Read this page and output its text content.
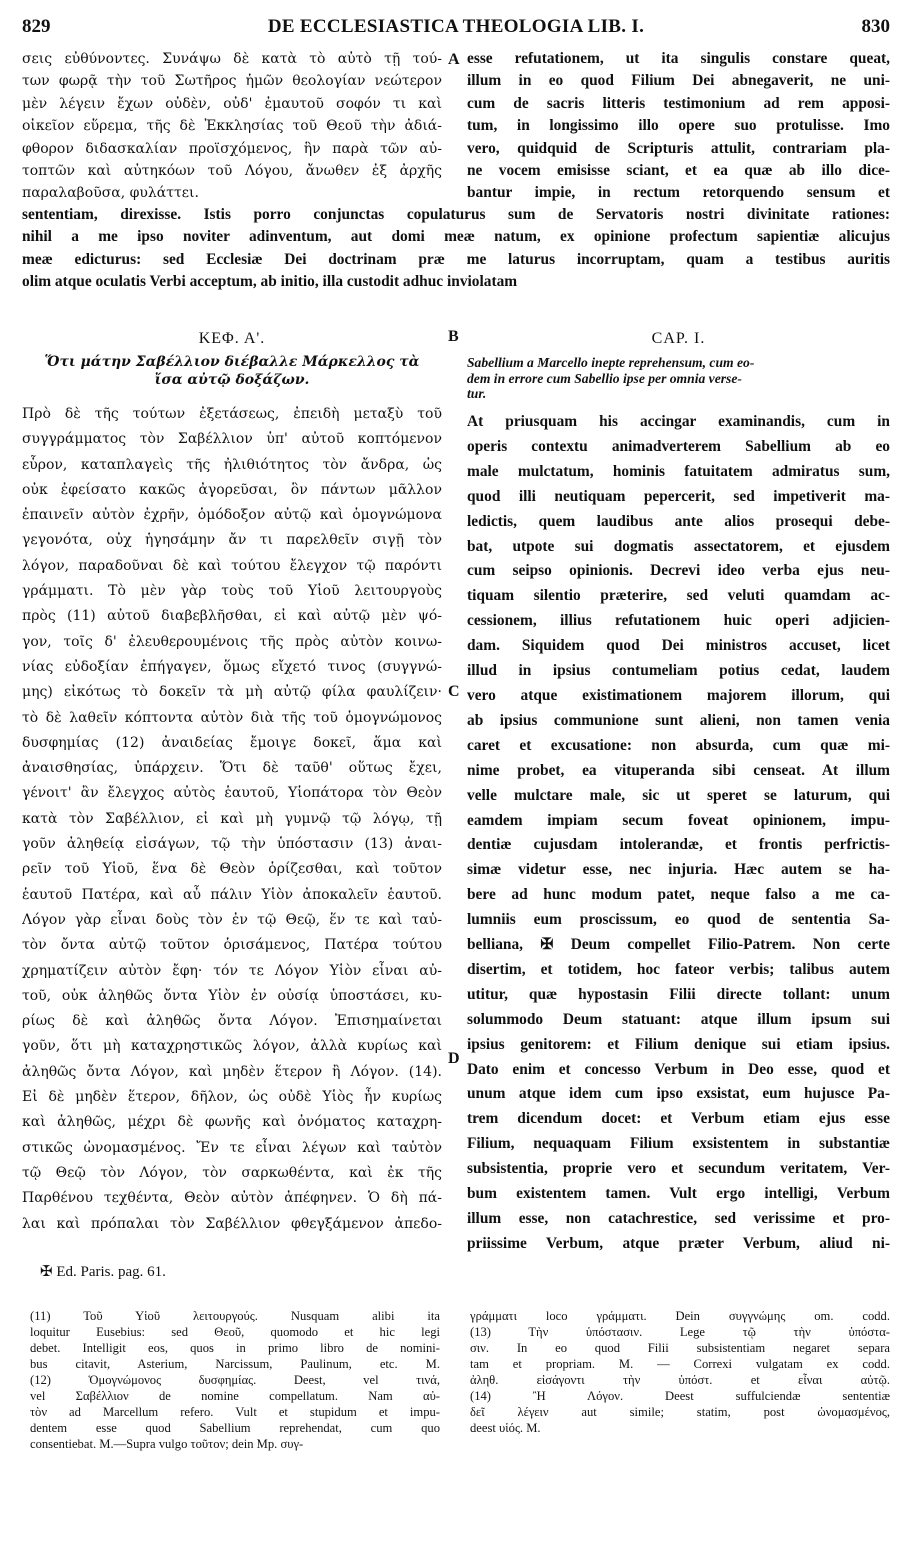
829	DE ECCLESIASTICA THEOLOGIA LIB. I.	830
σεις εὐθύνοντες. Συνάψω δὲ κατὰ τὸ αὐτὸ τῇ τού-
των φωρᾷ τὴν τοῦ Σωτῆρος ἡμῶν θεολογίαν νεώτερον
μὲν λέγειν ἔχων οὐδὲν, οὐδ' ἐμαυτοῦ σοφόν τι καὶ
οἰκεῖον εὕρεμα, τῆς δὲ Ἐκκλησίας τοῦ Θεοῦ τὴν ἀδιά-
φθορον διδασκαλίαν προϊσχόμενος, ἣν παρὰ τῶν αὐ-
τοπτῶν καὶ αὐτηκόων τοῦ Λόγου, ἄνωθεν ἐξ ἀρχῆς
παραλαβοῦσα, φυλάττει.
A esse refutationem, ut ita singulis constare queat,
illum in eo quod Filium Dei abnegaverit, ne uni-
cum de sacris litteris testimonium ad rem apposi-
tum, in longissimo illo opere suo protulisse. Imo
vero, quidquid de Scripturis attulit, contrariam pla-
ne vocem emisisse sciant, et ea quæ ab illo dice-
bantur impie, in rectum retorquendo sensum et
sententiam, direxisse. Istis porro conjunctas copulaturus sum de Servatoris nostri divinitate rationes:
nihil a me ipso noviter adinventum, aut domi meæ natum, ex opinione profectum sapientiæ alicujus
meæ edicturus: sed Ecclesiæ Dei doctrinam præ me laturus incorruptam, quam a testibus auritis
olim atque oculatis Verbi acceptum, ab initio, illa custodit adhuc inviolatam
ΚΕΦ. Α'.	B	CAP. I.
Ὅτι μάτην Σαβέλλιον διέβαλλε Μάρκελλος τὰ
ἴσα αὐτῷ δοξάζων.
Sabellium a Marcello inepte reprehensum, cum eo-
dem in errore cum Sabellio ipse per omnia verse-
tur.
Πρὸ δὲ τῆς τούτων ἐξετάσεως, ἐπειδὴ μεταξὺ τοῦ
συγγράμματος τὸν Σαβέλλιον ὑπ' αὐτοῦ κοπτόμενον
εὗρον, καταπλαγεὶς τῆς ἠλιθιότητος τὸν ἄνδρα, ὡς
οὐκ ἐφείσατο κακῶς ἀγορεῦσαι, ὃν πάντων μᾶλλον
ἐπαινεῖν αὐτὸν ἐχρῆν, ὁμόδοξον αὐτῷ καὶ ὁμογνώμονα
γεγονότα, οὐχ ἡγησάμην ἄν τι παρελθεῖν σιγῇ τὸν
λόγον, παραδοῦναι δὲ καὶ τούτου ἔλεγχον τῷ παρόντι
γράμματι. Τὸ μὲν γὰρ τοὺς τοῦ Υἱοῦ λειτουργοὺς
πρὸς (11) αὐτοῦ διαβεβλῆσθαι, εἰ καὶ αὐτῷ μὲν ψό-
γον, τοῖς δ' ἐλευθερουμένοις τῆς πρὸς αὐτὸν κοινω-
νίας εὐδοξίαν ἐπήγαγεν, ὅμως εἴχετό τινος (συγγνώ-
μης) εἰκότως τὸ δοκεῖν τὰ μὴ αὐτῷ φίλα φαυλίζειν·
τὸ δὲ λαθεῖν κόπτοντα αὐτὸν διὰ τῆς τοῦ ὁμογνώμονος
δυσφημίας (12) ἀναιδείας ἔμοιγε δοκεῖ, ἅμα καὶ
ἀναισθησίας, ὑπάρχειν. Ὅτι δὲ ταῦθ' οὕτως ἔχει,
γένοιτ' ἂν ἔλεγχος αὐτὸς ἑαυτοῦ, Υἱοπάτορα τὸν Θεὸν
κατὰ τὸν Σαβέλλιον, εἰ καὶ μὴ γυμνῷ τῷ λόγῳ, τῇ
γοῦν ἀληθείᾳ εἰσάγων, τῷ τὴν ὑπόστασιν (13) ἀναι-
ρεῖν τοῦ Υἱοῦ, ἕνα δὲ Θεὸν ὁρίζεσθαι, καὶ τοῦτον
ἑαυτοῦ Πατέρα, καὶ αὖ πάλιν Υἱὸν ἀποκαλεῖν ἑαυτοῦ.
Λόγον γὰρ εἶναι δοὺς τὸν ἐν τῷ Θεῷ, ἕν τε καὶ ταὐ-
τὸν ὄντα αὐτῷ τοῦτον ὁρισάμενος, Πατέρα τούτου
χρηματίζειν αὐτὸν ἔφη· τόν τε Λόγον Υἱὸν εἶναι αὐ-
τοῦ, οὐκ ἀληθῶς ὄντα Υἱὸν ἐν οὐσίᾳ ὑποστάσει, κυ-
ρίως δὲ καὶ ἀληθῶς ὄντα Λόγον. Ἐπισημαίνεται
γοῦν, ὅτι μὴ καταχρηστικῶς λόγον, ἀλλὰ κυρίως καὶ
ἀληθῶς ὄντα Λόγον, καὶ μηδὲν ἕτερον ἢ Λόγον. (14).
Εἰ δὲ μηδὲν ἕτερον, δῆλον, ὡς οὐδὲ Υἱὸς ἦν κυρίως
καὶ ἀληθῶς, μέχρι δὲ φωνῆς καὶ ὀνόματος καταχρη-
στικῶς ὠνομασμένος. Ἔν τε εἶναι λέγων καὶ ταὐτὸν
τῷ Θεῷ τὸν Λόγον, τὸν σαρκωθέντα, καὶ ἐκ τῆς
Παρθένου τεχθέντα, Θεὸν αὐτὸν ἀπέφηνεν. Ὁ δὴ πά-
λαι καὶ πρόπαλαι τὸν Σαβέλλιον φθεγξάμενον ἀπεδο-
At priusquam his accingar examinandis, cum in
operis contextu animadverterem Sabellium ab eo
male mulctatum, hominis fatuitatem admiratus sum,
quod illi neutiquam pepercerit, sed impetiverit ma-
ledictis, quem laudibus ante alios prosequi debe-
bat, utpote sui dogmatis assectatorem, et ejusdem
cum seipso opinionis. Decrevi ideo verba ejus neu-
tiquam silentio præterire, sed veluti quamdam ac-
cessionem, illius refutationem huic operi adjicien-
dam. Siquidem quod Dei ministros accuset, licet
illud in ipsius contumeliam potius cedat, laudem
vero atque existimationem majorem illorum, qui
ab ipsius communione sunt alieni, non tamen venia
caret et excusatione: non absurda, cum quæ mi-
nime probet, ea vituperanda sibi censeat. At illum
velle mulctare male, sic ut speret se laturum, qui
eamdem impiam secum foveat opinionem, impu-
dentiæ cujusdam intolerandæ, et frontis perfrictis-
simæ videtur esse, nec injuria. Hæc autem se ha-
bere ad hunc modum patet, neque falso a me ca-
lumniis eum proscissum, eo quod de sententia Sa-
belliana, ✠ Deum compellet Filio-Patrem. Non certe
disertim, et totidem, hoc fateor verbis; talibus autem
utitur, quæ hypostasin Filii directe tollant: unum
solummodo Deum statuant: atque illum ipsum sui
ipsius genitorem: et Filium denique sui etiam ipsius.
Dato enim et concesso Verbum in Deo esse, quod et
unum atque idem cum ipso exsistat, eum hujusce Pa-
trem dicendum docet: et Verbum etiam ejus esse
Filium, nequaquam Filium exsistentem in substantiæ
subsistentia, proprie vero et secundum veritatem, Ver-
bum existentem tamen. Vult ergo intelligi, Verbum
illum esse, non catachrestice, sed verissime et pro-
priissime Verbum, atque præter Verbum, aliud ni-
C
D
✠ Ed. Paris. pag. 61.
(11) Τοῦ Υἱοῦ λειτουργούς. Nusquam alibi ita
loquitur Eusebius: sed Θεοῦ, quomodo et hic legi
debet. Intelligit eos, quos in primo libro de nomini-
bus citavit, Asterium, Narcissum, Paulinum, etc. M.
(12) Ὁμογνώμονος δυσφημίας. Deest, vel τινά,
vel Σαβέλλιον de nomine compellatum. Nam αὐ-
τὸν ad Marcellum refero. Vult et stupidum et impu-
dentem esse quod Sabellium reprehendat, cum quo
consentiebat. M.—Supra vulgo τοῦτον; dein Mp. συγ-
γράμματι loco γράμματι. Dein συγγνώμης om. codd.
(13) Τὴν ὑπόστασιν. Lege τῷ τὴν ὑπόστα-
σιν. In eo quod Filii subsistentiam negaret separa
tam et propriam. M. — Correxi vulgatam ex codd.
ἀληθ. εἰσάγοντι τὴν ὑπόστ. et εἶναι αὐτῷ.
(14) Ἢ Λόγον. Deest suffulciendæ sententiæ
δεῖ λέγειν aut simile; statim, post ὠνομασμένος,
deest υἱός. M.
